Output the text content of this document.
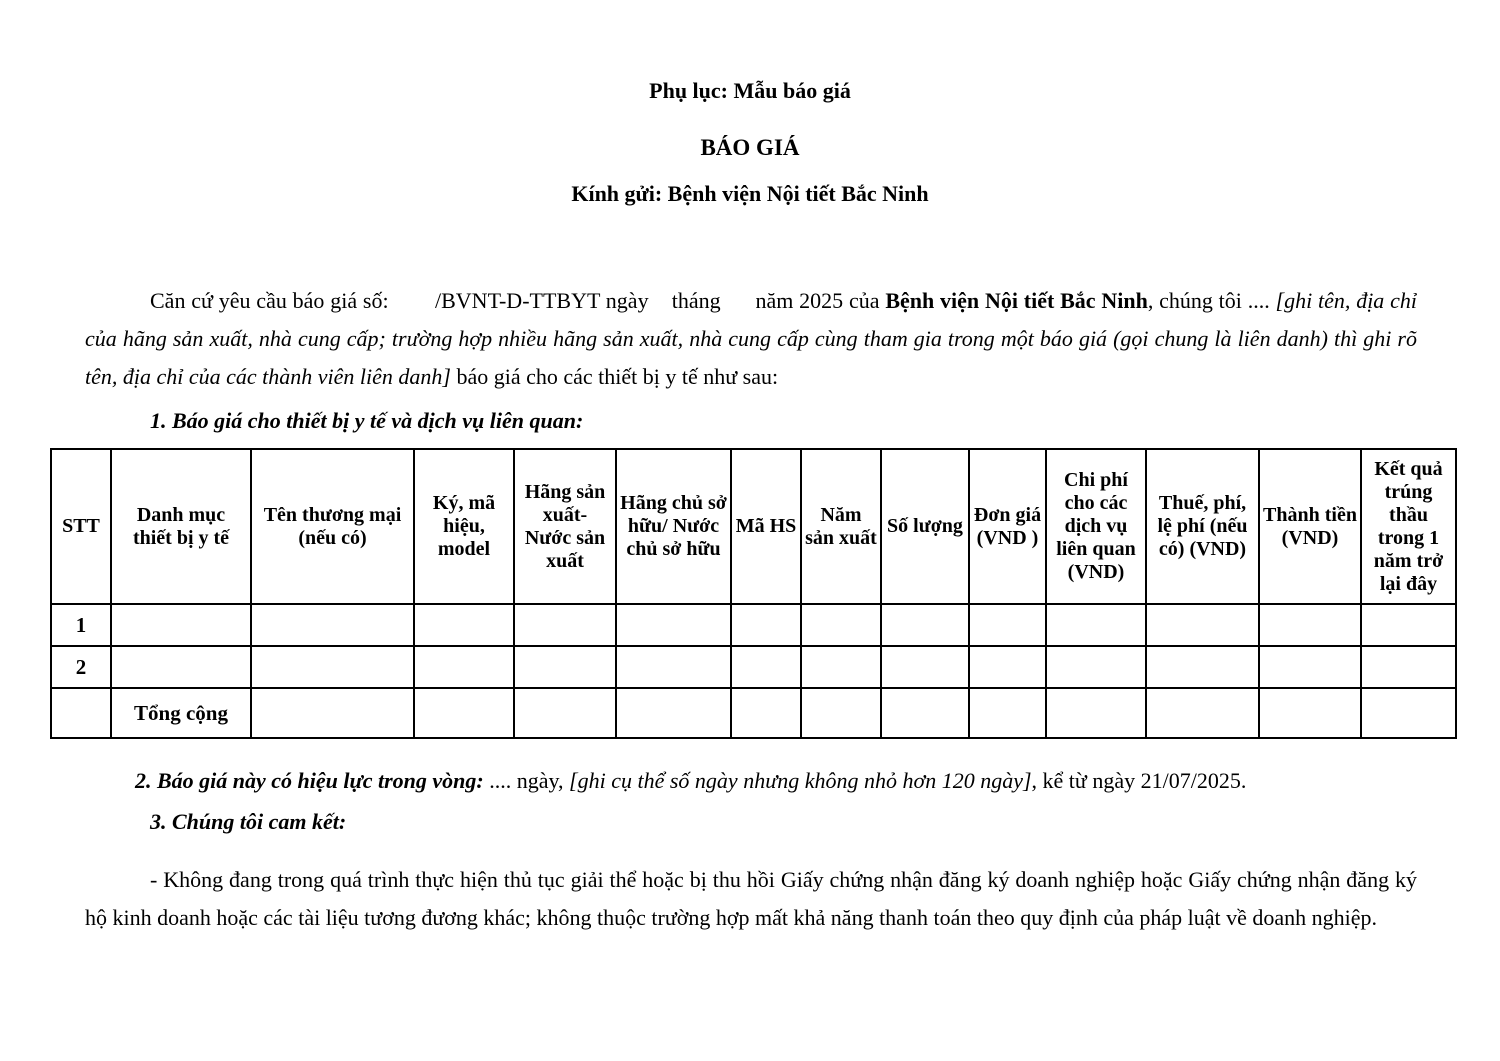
Phụ lục: Mẫu báo giá

BÁO GIÁ

Kính gửi: Bệnh viện Nội tiết Bắc Ninh

Căn cứ yêu cầu báo giá số:        /BVNT-D-TTBYT ngày    tháng      năm 2025 của Bệnh viện Nội tiết Bắc Ninh, chúng tôi .... [ghi tên, địa chỉ của hãng sản xuất, nhà cung cấp; trường hợp nhiều hãng sản xuất, nhà cung cấp cùng tham gia trong một báo giá (gọi chung là liên danh) thì ghi rõ tên, địa chỉ của các thành viên liên danh] báo giá cho các thiết bị y tế như sau:

1. Báo giá cho thiết bị y tế và dịch vụ liên quan:

STT	Danh mục thiết bị y tế	Tên thương mại (nếu có)	Ký, mã hiệu, model	Hãng sản xuất- Nước sản xuất	Hãng chủ sở hữu/ Nước chủ sở hữu	Mã HS	Năm sản xuất	Số lượng	Đơn giá (VND )	Chi phí cho các dịch vụ liên quan (VND)	Thuế, phí, lệ phí (nếu có) (VND)	Thành tiền (VND)	Kết quả trúng thầu trong 1 năm trở lại đây
1													
2													
	Tổng cộng												

2. Báo giá này có hiệu lực trong vòng: .... ngày, [ghi cụ thể số ngày nhưng không nhỏ hơn 120 ngày], kể từ ngày 21/07/2025.

3. Chúng tôi cam kết:

- Không đang trong quá trình thực hiện thủ tục giải thể hoặc bị thu hồi Giấy chứng nhận đăng ký doanh nghiệp hoặc Giấy chứng nhận đăng ký hộ kinh doanh hoặc các tài liệu tương đương khác; không thuộc trường hợp mất khả năng thanh toán theo quy định của pháp luật về doanh nghiệp.
